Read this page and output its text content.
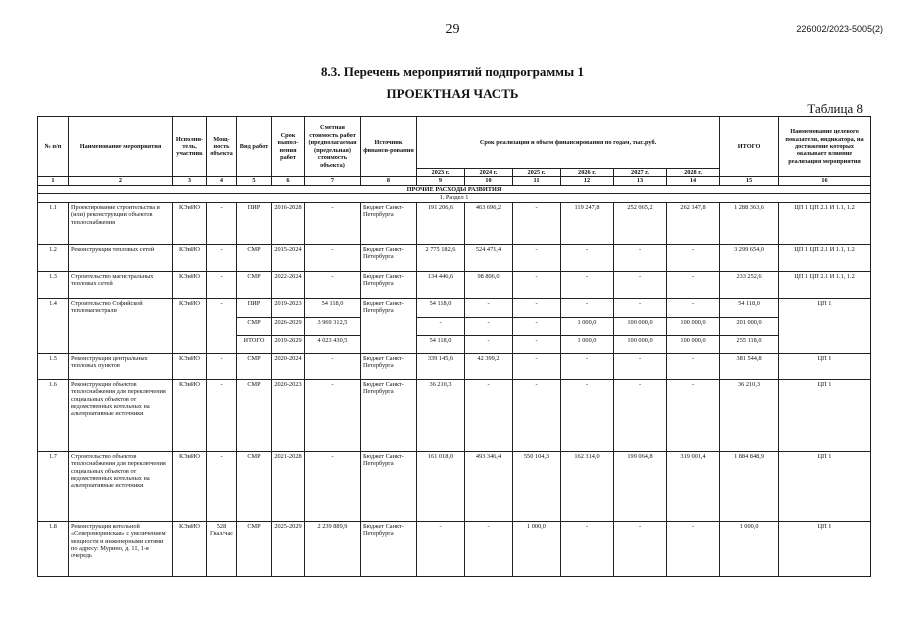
29	226002/2023-5005(2)
8.3. Перечень мероприятий подпрограммы 1
ПРОЕКТНАЯ ЧАСТЬ
Таблица 8
№ п/п	Наименование мероприятия	Исполни-тель, участник	Мощ-ность объекта	Вид работ	Срок выпол-нения работ	Сметная стоимость работ (предполагаемая (предельная) стоимость объекта)	Источник финанси-рования	Срок реализации и объем финансирования по годам, тыс.руб.						ИТОГО	Наименование целевого показателя, индикатора, на достижение которых оказывает влияние реализация мероприятия
								2023 г.	2024 г.	2025 г.	2026 г.	2027 г.	2028 г.		
1	2	3	4	5	6	7	8	9	10	11	12	13	14	15	16
ПРОЧИЕ РАСХОДЫ РАЗВИТИЯ															
1. Раздел 1															
1.1	Проектирование строительства и (или) реконструкции объектов теплоснабжения	КЭиИО	-	ПИР	2016-2028	-	Бюджет Санкт-Петербурга	191 206,6	463 696,2	-	119 247,8	252 065,2	262 147,8	1 288 363,6	ЦП 1 ЦП 2.1 И 1.1, 1.2
1.2	Реконструкция тепловых сетей	КЭиИО	-	СМР	2015-2024	-	Бюджет Санкт-Петербурга	2 775 182,6	524 471,4	-	-	-	-	3 299 654,0	ЦП 1 ЦП 2.1 И 1.1, 1.2
1.3	Строительство магистральных тепловых сетей	КЭиИО	-	СМР	2022-2024	-	Бюджет Санкт-Петербурга	134 446,6	98 806,0	-	-	-	-	233 252,6	ЦП 1 ЦП 2.1 И 1.1, 1.2
1.4	Строительство Софийской тепломагистрали	КЭиИО	-	ПИР	2019-2023	54 118,0	Бюджет Санкт-Петербурга	54 118,0	-	-	-	-	-	54 118,0	ЦП 1
				СМР	2026-2029	3 969 312,5		-	-	-	1 000,0	100 000,0	100 000,0	201 000,0	
				ИТОГО	2019-2029	4 023 430,5		54 118,0	-	-	1 000,0	100 000,0	100 000,0	255 118,0	
1.5	Реконструкция центральных тепловых пунктов	КЭиИО	-	СМР	2020-2024	-	Бюджет Санкт-Петербурга	339 145,6	42 399,2	-	-	-	-	381 544,8	ЦП 1
1.6	Реконструкция объектов теплоснабжения для переключения социальных объектов от ведомственных котельных на альтернативные источники	КЭиИО	-	СМР	2020-2023	-	Бюджет Санкт-Петербурга	36 210,3	-	-	-	-	-	36 210,3	ЦП 1
1.7	Строительство объектов теплоснабжения для переключения социальных объектов от ведомственных котельных на альтернативные источники	КЭиИО	-	СМР	2021-2028	-	Бюджет Санкт-Петербурга	161 018,0	493 346,4	550 104,3	162 314,0	199 064,8	319 001,4	1 884 848,9	ЦП 1
1.8	Реконструкция котельной «Североморинская» с увеличением мощности и инженерными сетями по адресу: Мурино, д. 11, 1-я очередь	КЭиИО	528 Гкал/час	СМР	2025-2029	2 239 889,9	Бюджет Санкт-Петербурга	-	-	1 000,0	-	-	-	1 000,0	ЦП 1
